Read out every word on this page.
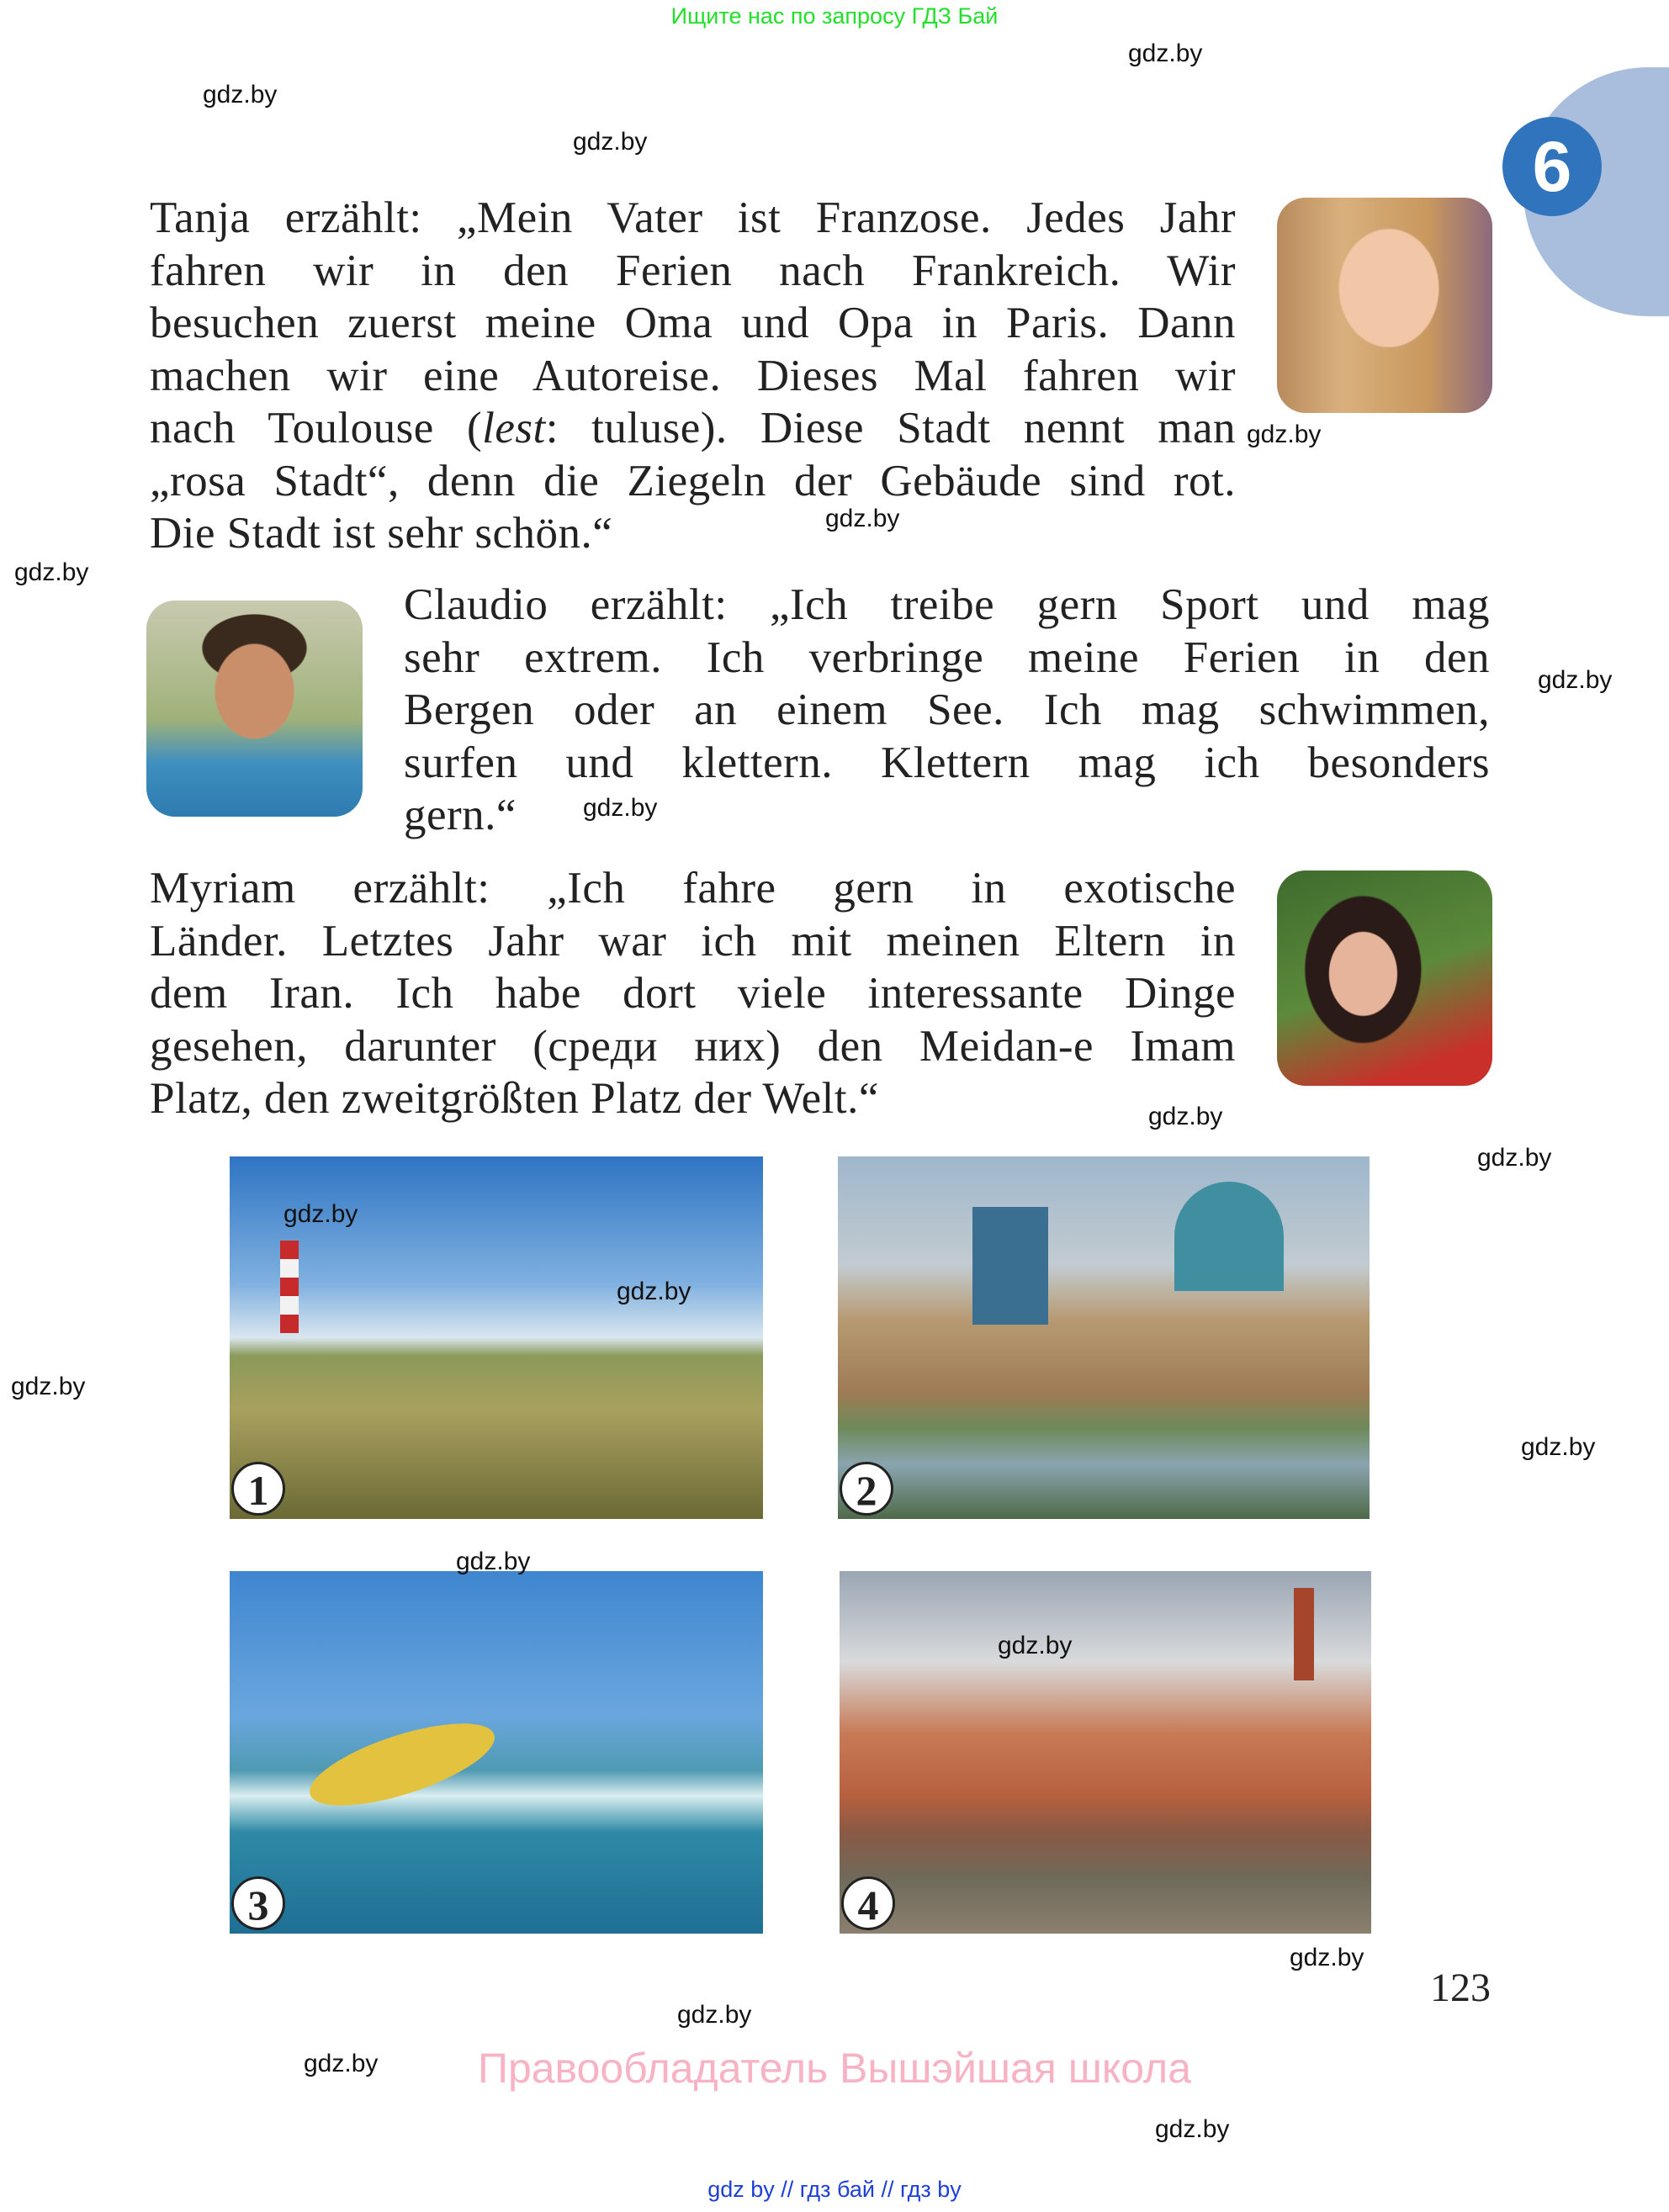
Ищите нас по запросу ГДЗ Бай
6
Tanja erzählt: „Mein Vater ist Franzose. Jedes Jahr
fahren wir in den Ferien nach Frankreich. Wir
besuchen zuerst meine Oma und Opa in Paris. Dann
machen wir eine Autoreise. Dieses Mal fahren wir
nach Toulouse (lest: tuluse). Diese Stadt nennt man
„rosa Stadt“, denn die Ziegeln der Gebäude sind rot.
Die Stadt ist sehr schön.“
Claudio erzählt: „Ich treibe gern Sport und mag
sehr extrem. Ich verbringe meine Ferien in den
Bergen oder an einem See. Ich mag schwimmen,
surfen und klettern. Klettern mag ich besonders
gern.“
Myriam erzählt: „Ich fahre gern in exotische
Länder. Letztes Jahr war ich mit meinen Eltern in
dem Iran. Ich habe dort viele interessante Dinge
gesehen, darunter (среди них) den Meidan-e Imam
Platz, den zweitgrößten Platz der Welt.“
1	2
3	4
123
Правообладатель Вышэйшая школа
gdz by // гдз бай // гдз by
gdz.by
gdz.by
gdz.by
gdz.by
gdz.by
gdz.by
gdz.by
gdz.by
gdz.by
gdz.by
gdz.by
gdz.by
gdz.by
gdz.by
gdz.by
gdz.by
gdz.by
gdz.by
gdz.by
gdz.by
